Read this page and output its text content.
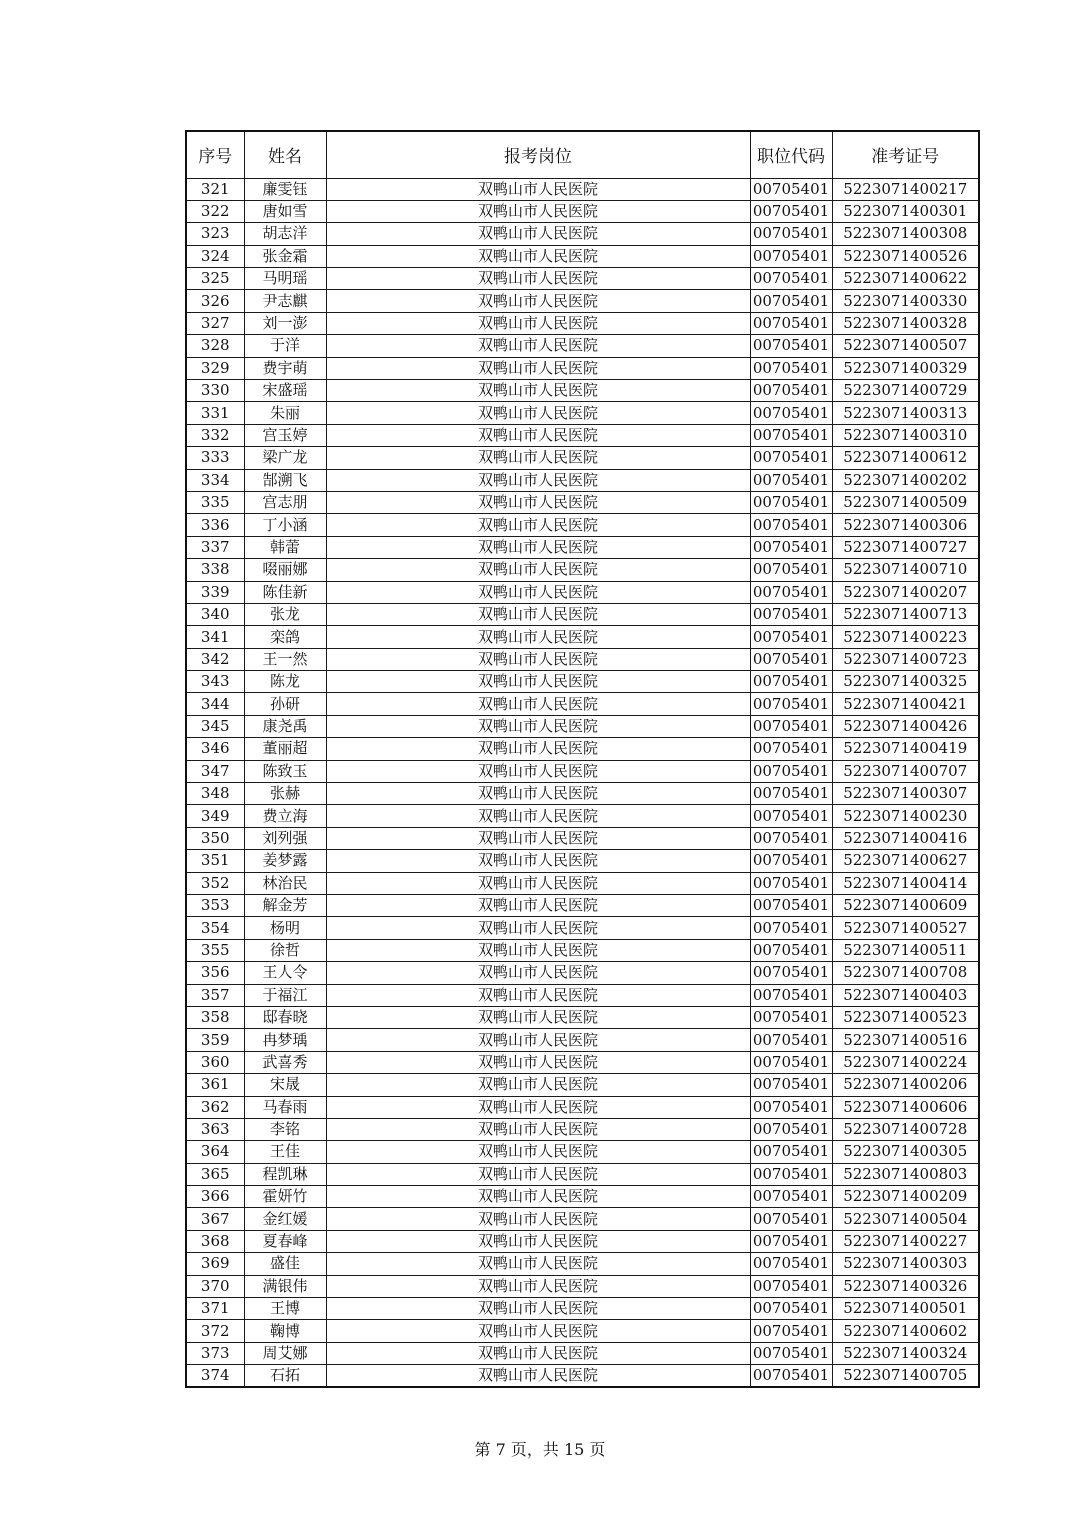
序号	姓名	报考岗位	职位代码	准考证号
321	廉雯钰	双鸭山市人民医院	00705401	5223071400217
322	唐如雪	双鸭山市人民医院	00705401	5223071400301
323	胡志洋	双鸭山市人民医院	00705401	5223071400308
324	张金霜	双鸭山市人民医院	00705401	5223071400526
325	马明瑶	双鸭山市人民医院	00705401	5223071400622
326	尹志麒	双鸭山市人民医院	00705401	5223071400330
327	刘一澎	双鸭山市人民医院	00705401	5223071400328
328	于洋	双鸭山市人民医院	00705401	5223071400507
329	费宇萌	双鸭山市人民医院	00705401	5223071400329
330	宋盛瑶	双鸭山市人民医院	00705401	5223071400729
331	朱丽	双鸭山市人民医院	00705401	5223071400313
332	宫玉婷	双鸭山市人民医院	00705401	5223071400310
333	梁广龙	双鸭山市人民医院	00705401	5223071400612
334	郜溯飞	双鸭山市人民医院	00705401	5223071400202
335	宫志朋	双鸭山市人民医院	00705401	5223071400509
336	丁小涵	双鸭山市人民医院	00705401	5223071400306
337	韩蕾	双鸭山市人民医院	00705401	5223071400727
338	啜丽娜	双鸭山市人民医院	00705401	5223071400710
339	陈佳新	双鸭山市人民医院	00705401	5223071400207
340	张龙	双鸭山市人民医院	00705401	5223071400713
341	栾鸽	双鸭山市人民医院	00705401	5223071400223
342	王一然	双鸭山市人民医院	00705401	5223071400723
343	陈龙	双鸭山市人民医院	00705401	5223071400325
344	孙研	双鸭山市人民医院	00705401	5223071400421
345	康尧禹	双鸭山市人民医院	00705401	5223071400426
346	董丽超	双鸭山市人民医院	00705401	5223071400419
347	陈致玉	双鸭山市人民医院	00705401	5223071400707
348	张赫	双鸭山市人民医院	00705401	5223071400307
349	费立海	双鸭山市人民医院	00705401	5223071400230
350	刘列强	双鸭山市人民医院	00705401	5223071400416
351	姜梦露	双鸭山市人民医院	00705401	5223071400627
352	林治民	双鸭山市人民医院	00705401	5223071400414
353	解金芳	双鸭山市人民医院	00705401	5223071400609
354	杨明	双鸭山市人民医院	00705401	5223071400527
355	徐哲	双鸭山市人民医院	00705401	5223071400511
356	王人令	双鸭山市人民医院	00705401	5223071400708
357	于福江	双鸭山市人民医院	00705401	5223071400403
358	邸春晓	双鸭山市人民医院	00705401	5223071400523
359	冉梦瑀	双鸭山市人民医院	00705401	5223071400516
360	武喜秀	双鸭山市人民医院	00705401	5223071400224
361	宋晟	双鸭山市人民医院	00705401	5223071400206
362	马春雨	双鸭山市人民医院	00705401	5223071400606
363	李铭	双鸭山市人民医院	00705401	5223071400728
364	王佳	双鸭山市人民医院	00705401	5223071400305
365	程凯琳	双鸭山市人民医院	00705401	5223071400803
366	霍妍竹	双鸭山市人民医院	00705401	5223071400209
367	金红媛	双鸭山市人民医院	00705401	5223071400504
368	夏春峰	双鸭山市人民医院	00705401	5223071400227
369	盛佳	双鸭山市人民医院	00705401	5223071400303
370	满银伟	双鸭山市人民医院	00705401	5223071400326
371	王博	双鸭山市人民医院	00705401	5223071400501
372	鞠博	双鸭山市人民医院	00705401	5223071400602
373	周艾娜	双鸭山市人民医院	00705401	5223071400324
374	石拓	双鸭山市人民医院	00705401	5223071400705
第 7 页，共 15 页
